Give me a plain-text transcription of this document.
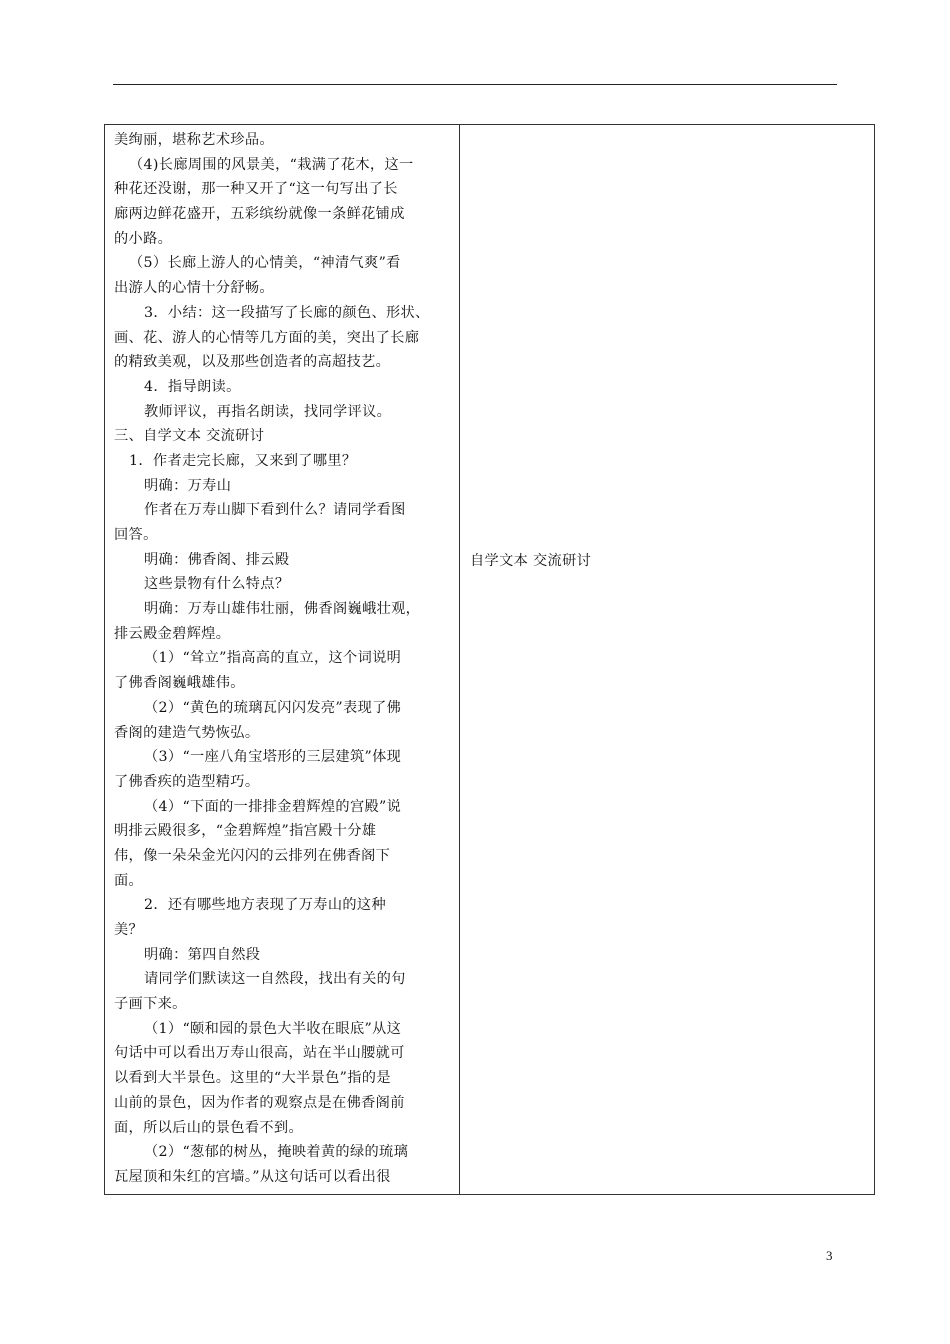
美绚丽，堪称艺术珍品。
（4)长廊周围的风景美，“栽满了花木，这一
种花还没谢，那一种又开了“这一句写出了长
廊两边鲜花盛开，五彩缤纷就像一条鲜花铺成
的小路。
（5）长廊上游人的心情美，“神清气爽”看
出游人的心情十分舒畅。
3．小结：这一段描写了长廊的颜色、形状、
画、花、游人的心情等几方面的美，突出了长廊
的精致美观，以及那些创造者的高超技艺。
4．指导朗读。
教师评议，再指名朗读，找同学评议。
三、自学文本 交流研讨
1．作者走完长廊，又来到了哪里？
明确：万寿山
作者在万寿山脚下看到什么？请同学看图
回答。
明确：佛香阁、排云殿
这些景物有什么特点？
明确：万寿山雄伟壮丽，佛香阁巍峨壮观，
排云殿金碧辉煌。
（1）“耸立”指高高的直立，这个词说明
了佛香阁巍峨雄伟。
（2）“黄色的琉璃瓦闪闪发亮”表现了佛
香阁的建造气势恢弘。
（3）“一座八角宝塔形的三层建筑”体现
了佛香疾的造型精巧。
（4）“下面的一排排金碧辉煌的宫殿”说
明排云殿很多，“金碧辉煌”指宫殿十分雄
伟，像一朵朵金光闪闪的云排列在佛香阁下
面。
2．还有哪些地方表现了万寿山的这种
美？
明确：第四自然段
请同学们默读这一自然段，找出有关的句
子画下来。
（1）“颐和园的景色大半收在眼底”从这
句话中可以看出万寿山很高，站在半山腰就可
以看到大半景色。这里的“大半景色”指的是
山前的景色，因为作者的观察点是在佛香阁前
面，所以后山的景色看不到。
（2）“葱郁的树丛，掩映着黄的绿的琉璃
瓦屋顶和朱红的宫墙。”从这句话可以看出很
自学文本 交流研讨
3
